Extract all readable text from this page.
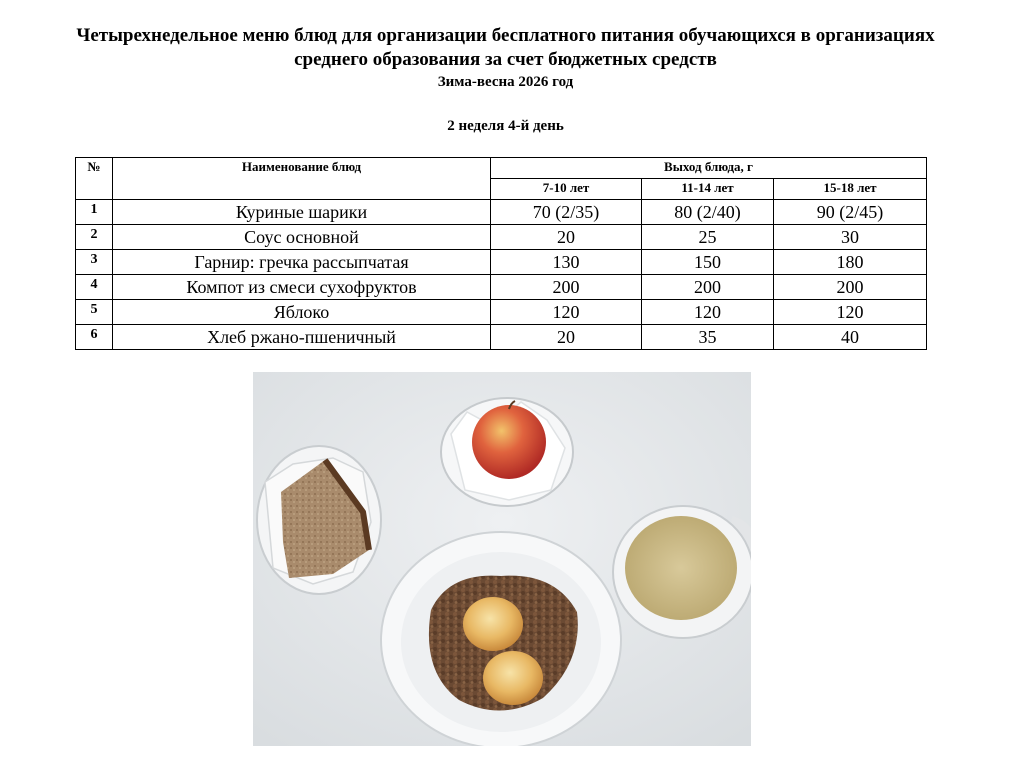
Четырехнедельное меню блюд для организации бесплатного питания обучающихся в организациях
среднего образования за счет бюджетных средств
Зима-весна 2026 год
2 неделя 4-й день
№	Наименование блюд	Выход блюда, г		
		7-10 лет	11-14 лет	15-18 лет
1	Куриные шарики	70 (2/35)	80 (2/40)	90 (2/45)
2	Соус основной	20	25	30
3	Гарнир: гречка рассыпчатая	130	150	180
4	Компот из смеси сухофруктов	200	200	200
5	Яблоко	120	120	120
6	Хлеб ржано-пшеничный	20	35	40
